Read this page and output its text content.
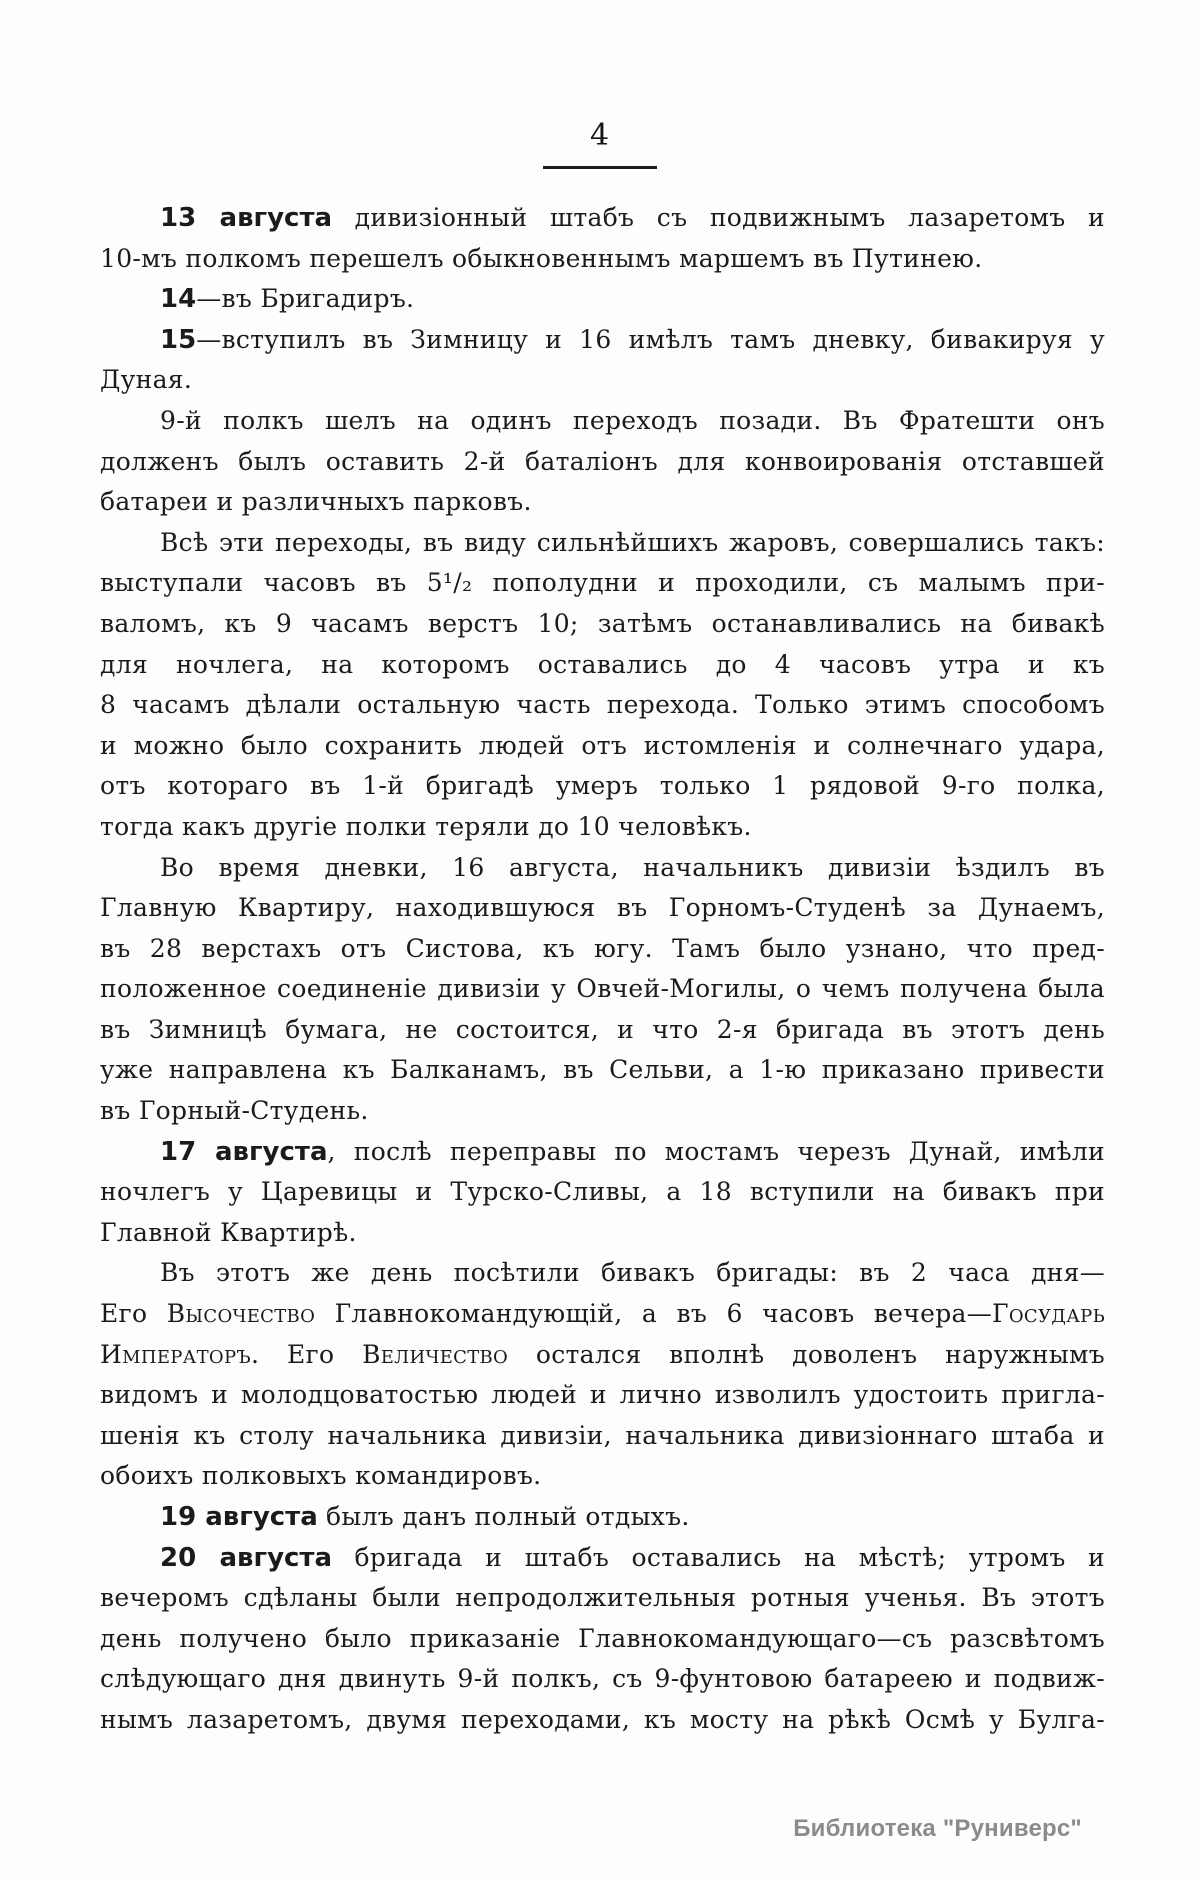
4
13 августа дивизіонный штабъ съ подвижнымъ лазаретомъ и
10-мъ полкомъ перешелъ обыкновеннымъ маршемъ въ Путинею.
14—въ Бригадиръ.
15—вступилъ въ Зимницу и 16 имѣлъ тамъ дневку, бивакируя у
Дуная.
9-й полкъ шелъ на одинъ переходъ позади. Въ Фратешти онъ
долженъ былъ оставить 2-й баталіонъ для конвоированія отставшей
батареи и различныхъ парковъ.
Всѣ эти переходы, въ виду сильнѣйшихъ жаровъ, совершались такъ:
выступали часовъ въ 5¹/₂ пополудни и проходили, съ малымъ при-
валомъ, къ 9 часамъ верстъ 10; затѣмъ останавливались на бивакѣ
для ночлега, на которомъ оставались до 4 часовъ утра и къ
8 часамъ дѣлали остальную часть перехода. Только этимъ способомъ
и можно было сохранить людей отъ истомленія и солнечнаго удара,
отъ котораго въ 1-й бригадѣ умеръ только 1 рядовой 9-го полка,
тогда какъ другіе полки теряли до 10 человѣкъ.
Во время дневки, 16 августа, начальникъ дивизіи ѣздилъ въ
Главную Квартиру, находившуюся въ Горномъ-Студенѣ за Дунаемъ,
въ 28 верстахъ отъ Систова, къ югу. Тамъ было узнано, что пред-
положенное соединеніе дивизіи у Овчей-Могилы, о чемъ получена была
въ Зимницѣ бумага, не состоится, и что 2-я бригада въ этотъ день
уже направлена къ Балканамъ, въ Сельви, а 1-ю приказано привести
въ Горный-Студень.
17 августа, послѣ переправы по мостамъ черезъ Дунай, имѣли
ночлегъ у Царевицы и Турско-Сливы, а 18 вступили на бивакъ при
Главной Квартирѣ.
Въ этотъ же день посѣтили бивакъ бригады: въ 2 часа дня—
Его Высочество Главнокомандующій, а въ 6 часовъ вечера—Государь
Императоръ. Его Величество остался вполнѣ доволенъ наружнымъ
видомъ и молодцоватостью людей и лично изволилъ удостоить пригла-
шенія къ столу начальника дивизіи, начальника дивизіоннаго штаба и
обоихъ полковыхъ командировъ.
19 августа былъ данъ полный отдыхъ.
20 августа бригада и штабъ оставались на мѣстѣ; утромъ и
вечеромъ сдѣланы были непродолжительныя ротныя ученья. Въ этотъ
день получено было приказаніе Главнокомандующаго—съ разсвѣтомъ
слѣдующаго дня двинуть 9-й полкъ, съ 9-фунтовою батареею и подвиж-
нымъ лазаретомъ, двумя переходами, къ мосту на рѣкѣ Осмѣ у Булга-
Библиотека "Руниверс"
